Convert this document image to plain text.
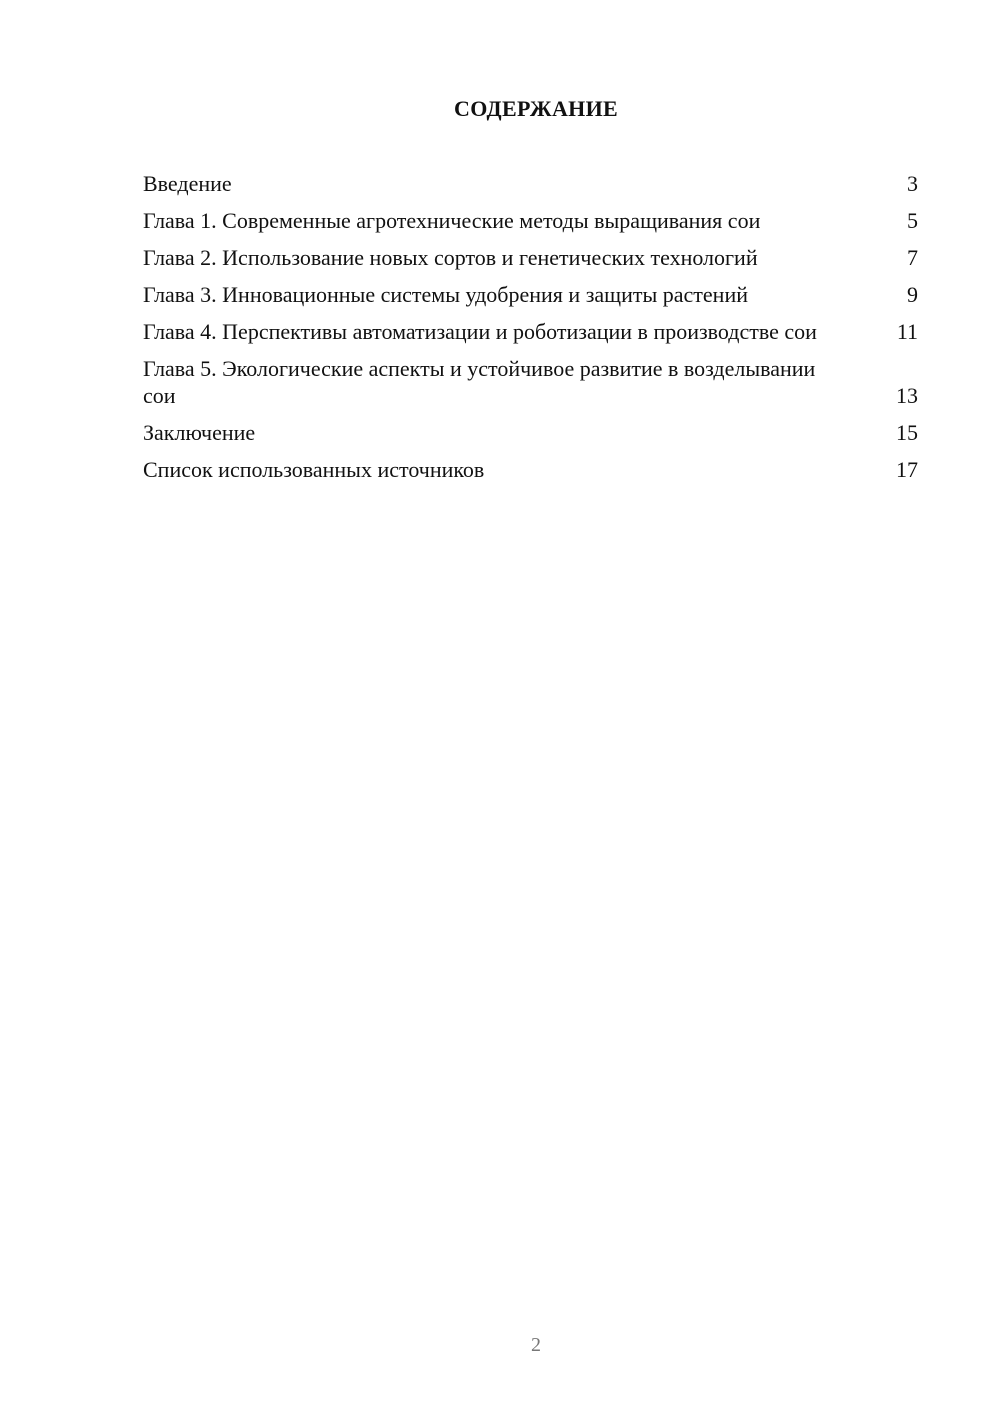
СОДЕРЖАНИЕ
Введение	3
Глава 1. Современные агротехнические методы выращивания сои	5
Глава 2. Использование новых сортов и генетических технологий	7
Глава 3. Инновационные системы удобрения и защиты растений	9
Глава 4. Перспективы автоматизации и роботизации в производстве сои	11
Глава 5. Экологические аспекты и устойчивое развитие в возделывании сои	13
Заключение	15
Список использованных источников	17
2
